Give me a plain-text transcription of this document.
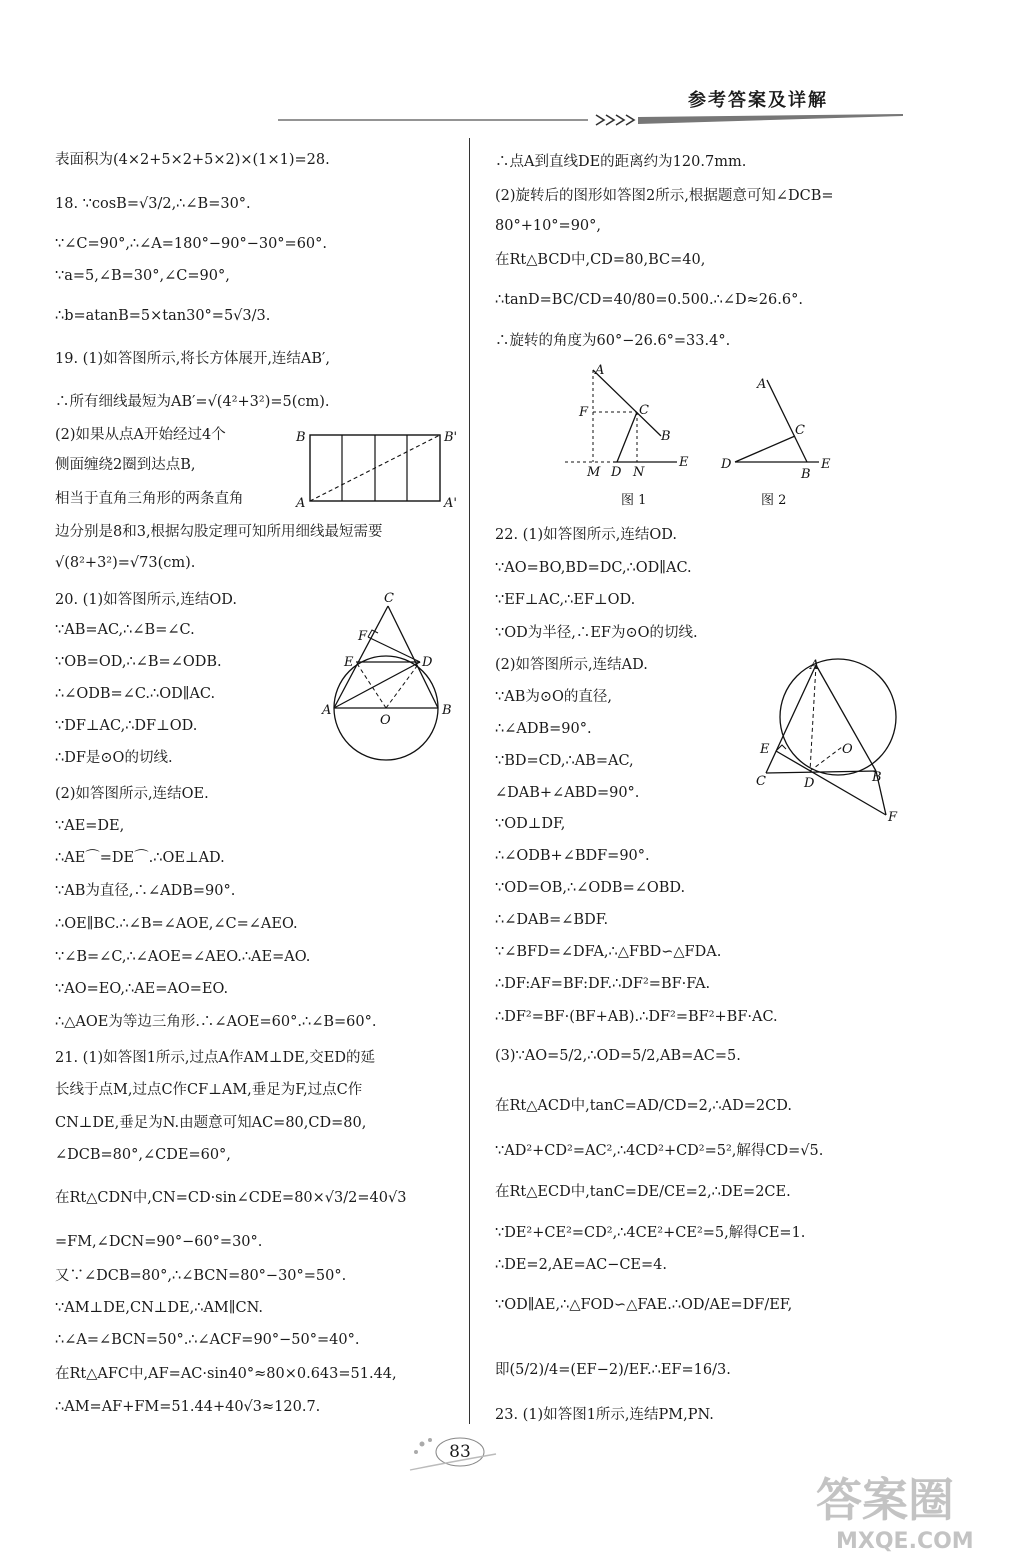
参考答案及详解
表面积为(4×2+5×2+5×2)×(1×1)=28.
18. ∵cosB=√3/2,∴∠B=30°.
∵∠C=90°,∴∠A=180°−90°−30°=60°.
∵a=5,∠B=30°,∠C=90°,
∴b=atanB=5×tan30°=5√3/3.
19. (1)如答图所示,将长方体展开,连结AB′,
∴所有细线最短为AB′=√(4²+3²)=5(cm).
(2)如果从点A开始经过4个
侧面缠绕2圈到达点B,
相当于直角三角形的两条直角
边分别是8和3,根据勾股定理可知所用细线最短需要
√(8²+3²)=√73(cm).
20. (1)如答图所示,连结OD.
∵AB=AC,∴∠B=∠C.
∵OB=OD,∴∠B=∠ODB.
∴∠ODB=∠C.∴OD∥AC.
∵DF⊥AC,∴DF⊥OD.
∴DF是⊙O的切线.
(2)如答图所示,连结OE.
∵AE=DE,
∴AE⌒=DE⌒.∴OE⊥AD.
∵AB为直径,∴∠ADB=90°.
∴OE∥BC.∴∠B=∠AOE,∠C=∠AEO.
∵∠B=∠C,∴∠AOE=∠AEO.∴AE=AO.
∵AO=EO,∴AE=AO=EO.
∴△AOE为等边三角形.∴∠AOE=60°.∴∠B=60°.
21. (1)如答图1所示,过点A作AM⊥DE,交ED的延
长线于点M,过点C作CF⊥AM,垂足为F,过点C作
CN⊥DE,垂足为N.由题意可知AC=80,CD=80,
∠DCB=80°,∠CDE=60°,
在Rt△CDN中,CN=CD·sin∠CDE=80×√3/2=40√3
=FM,∠DCN=90°−60°=30°.
又∵∠DCB=80°,∴∠BCN=80°−30°=50°.
∵AM⊥DE,CN⊥DE,∴AM∥CN.
∴∠A=∠BCN=50°.∴∠ACF=90°−50°=40°.
在Rt△AFC中,AF=AC·sin40°≈80×0.643=51.44,
∴AM=AF+FM=51.44+40√3≈120.7.
∴点A到直线DE的距离约为120.7mm.
(2)旋转后的图形如答图2所示,根据题意可知∠DCB=
80°+10°=90°,
在Rt△BCD中,CD=80,BC=40,
∴tanD=BC/CD=40/80=0.500.∴∠D≈26.6°.
∴旋转的角度为60°−26.6°=33.4°.
22. (1)如答图所示,连结OD.
∵AO=BO,BD=DC,∴OD∥AC.
∵EF⊥AC,∴EF⊥OD.
∵OD为半径,∴EF为⊙O的切线.
(2)如答图所示,连结AD.
∵AB为⊙O的直径,
∴∠ADB=90°.
∵BD=CD,∴AB=AC,
∠DAB+∠ABD=90°.
∵OD⊥DF,
∴∠ODB+∠BDF=90°.
∵OD=OB,∴∠ODB=∠OBD.
∴∠DAB=∠BDF.
∵∠BFD=∠DFA,∴△FBD∽△FDA.
∴DF:AF=BF:DF.∴DF²=BF·FA.
∴DF²=BF·(BF+AB).∴DF²=BF²+BF·AC.
(3)∵AO=5/2,∴OD=5/2,AB=AC=5.
在Rt△ACD中,tanC=AD/CD=2,∴AD=2CD.
∵AD²+CD²=AC²,∴4CD²+CD²=5²,解得CD=√5.
在Rt△ECD中,tanC=DE/CE=2,∴DE=2CE.
∵DE²+CE²=CD²,∴4CE²+CE²=5,解得CE=1.
∴DE=2,AE=AC−CE=4.
∵OD∥AE,∴△FOD∽△FAE.∴OD/AE=DF/EF,
即(5/2)/4=(EF−2)/EF.∴EF=16/3.
23. (1)如答图1所示,连结PM,PN.
B	B'
A	A'
C
F
E	D
A
O
B
A
F	C
B
M D N
E
图 1
A
C
D
B
E
图 2
A
O
E
C	D	B
F
83
答案圈
MXQE.COM
